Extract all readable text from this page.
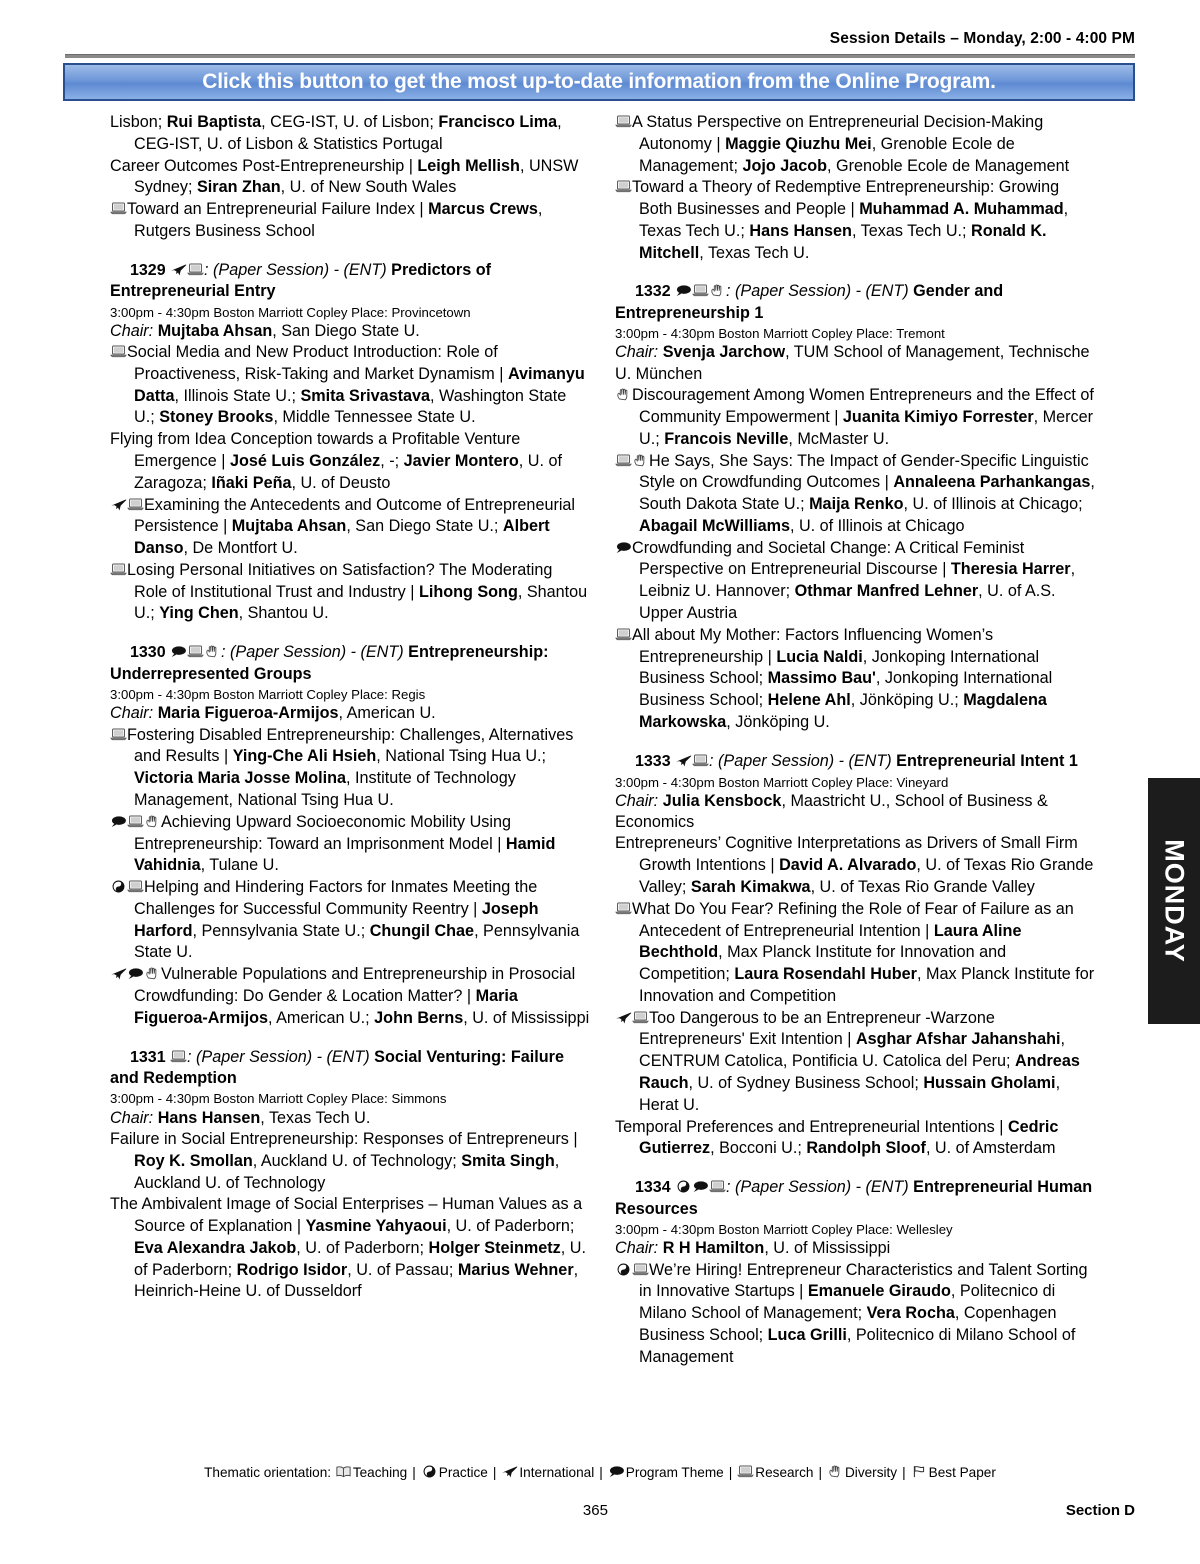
Session Details – Monday, 2:00 - 4:00 PM
Click this button to get the most up-to-date information from the Online Program.
Lisbon; Rui Baptista, CEG-IST, U. of Lisbon; Francisco Lima, CEG-IST, U. of Lisbon & Statistics Portugal
Career Outcomes Post-Entrepreneurship | Leigh Mellish, UNSW Sydney; Siran Zhan, U. of New South Wales
Toward an Entrepreneurial Failure Index | Marcus Crews, Rutgers Business School
1329
: (Paper Session) - (ENT) Predictors of Entrepreneurial Entry
3:00pm - 4:30pm Boston Marriott Copley Place: Provincetown
Chair: Mujtaba Ahsan, San Diego State U.
Social Media and New Product Introduction: Role of Proactiveness, Risk-Taking and Market Dynamism | Avimanyu Datta, Illinois State U.; Smita Srivastava, Washington State U.; Stoney Brooks, Middle Tennessee State U.
Flying from Idea Conception towards a Profitable Venture Emergence | José Luis González, -; Javier Montero, U. of Zaragoza; Iñaki Peña, U. of Deusto
Examining the Antecedents and Outcome of Entrepreneurial Persistence | Mujtaba Ahsan, San Diego State U.; Albert Danso, De Montfort U.
Losing Personal Initiatives on Satisfaction? The Moderating Role of Institutional Trust and Industry | Lihong Song, Shantou U.; Ying Chen, Shantou U.
1330	: (Paper Session) - (ENT) Entrepreneurship: Underrepresented Groups
3:00pm - 4:30pm Boston Marriott Copley Place: Regis
Chair: Maria Figueroa-Armijos, American U.
Fostering Disabled Entrepreneurship: Challenges, Alternatives and Results | Ying-Che Ali Hsieh, National Tsing Hua U.; Victoria Maria Josse Molina, Institute of Technology Management, National Tsing Hua U.
Achieving Upward Socioeconomic Mobility Using Entrepreneurship: Toward an Imprisonment Model | Hamid Vahidnia, Tulane U.
Helping and Hindering Factors for Inmates Meeting the Challenges for Successful Community Reentry | Joseph Harford, Pennsylvania State U.; Chungil Chae, Pennsylvania State U.
Vulnerable Populations and Entrepreneurship in Prosocial Crowdfunding: Do Gender & Location Matter? | Maria Figueroa-Armijos, American U.; John Berns, U. of Mississippi
1331
: (Paper Session) - (ENT) Social Venturing: Failure and Redemption
3:00pm - 4:30pm Boston Marriott Copley Place: Simmons
Chair: Hans Hansen, Texas Tech U.
Failure in Social Entrepreneurship: Responses of Entrepreneurs | Roy K. Smollan, Auckland U. of Technology; Smita Singh, Auckland U. of Technology
The Ambivalent Image of Social Enterprises – Human Values as a Source of Explanation | Yasmine Yahyaoui, U. of Paderborn; Eva Alexandra Jakob, U. of Paderborn; Holger Steinmetz, U. of Paderborn; Rodrigo Isidor, U. of Passau; Marius Wehner, Heinrich-Heine U. of Dusseldorf
A Status Perspective on Entrepreneurial Decision-Making Autonomy | Maggie Qiuzhu Mei, Grenoble Ecole de Management; Jojo Jacob, Grenoble Ecole de Management
Toward a Theory of Redemptive Entrepreneurship: Growing Both Businesses and People | Muhammad A. Muhammad, Texas Tech U.; Hans Hansen, Texas Tech U.; Ronald K. Mitchell, Texas Tech U.
1332	: (Paper Session) - (ENT) Gender and Entrepreneurship 1
3:00pm - 4:30pm Boston Marriott Copley Place: Tremont
Chair: Svenja Jarchow, TUM School of Management, Technische U. München
Discouragement Among Women Entrepreneurs and the Effect of Community Empowerment | Juanita Kimiyo Forrester, Mercer U.; Francois Neville, McMaster U.
He Says, She Says: The Impact of Gender-Specific Linguistic Style on Crowdfunding Outcomes | Annaleena Parhankangas, South Dakota State U.; Maija Renko, U. of Illinois at Chicago; Abagail McWilliams, U. of Illinois at Chicago
Crowdfunding and Societal Change: A Critical Feminist Perspective on Entrepreneurial Discourse | Theresia Harrer, Leibniz U. Hannover; Othmar Manfred Lehner, U. of A.S. Upper Austria
All about My Mother: Factors Influencing Women’s Entrepreneurship | Lucia Naldi, Jonkoping International Business School; Massimo Bau', Jonkoping International Business School; Helene Ahl, Jönköping U.; Magdalena Markowska, Jönköping U.
1333
: (Paper Session) - (ENT) Entrepreneurial Intent 1
3:00pm - 4:30pm Boston Marriott Copley Place: Vineyard
Chair: Julia Kensbock, Maastricht U., School of Business & Economics
Entrepreneurs’ Cognitive Interpretations as Drivers of Small Firm Growth Intentions | David A. Alvarado, U. of Texas Rio Grande Valley; Sarah Kimakwa, U. of Texas Rio Grande Valley
What Do You Fear? Refining the Role of Fear of Failure as an Antecedent of Entrepreneurial Intention | Laura Aline Bechthold, Max Planck Institute for Innovation and Competition; Laura Rosendahl Huber, Max Planck Institute for Innovation and Competition
Too Dangerous to be an Entrepreneur -Warzone Entrepreneurs' Exit Intention | Asghar Afshar Jahanshahi, CENTRUM Catolica, Pontificia U. Catolica del Peru; Andreas Rauch, U. of Sydney Business School; Hussain Gholami, Herat U.
Temporal Preferences and Entrepreneurial Intentions | Cedric Gutierrez, Bocconi U.; Randolph Sloof, U. of Amsterdam
1334	: (Paper Session) - (ENT) Entrepreneurial Human Resources
3:00pm - 4:30pm Boston Marriott Copley Place: Wellesley
Chair: R H Hamilton, U. of Mississippi
We’re Hiring! Entrepreneur Characteristics and Talent Sorting in Innovative Startups | Emanuele Giraudo, Politecnico di Milano School of Management; Vera Rocha, Copenhagen Business School; Luca Grilli, Politecnico di Milano School of Management
MONDAY
Thematic orientation:
Teaching | Practice | International | Program Theme | Research | Diversity | Best Paper
365	Section D
